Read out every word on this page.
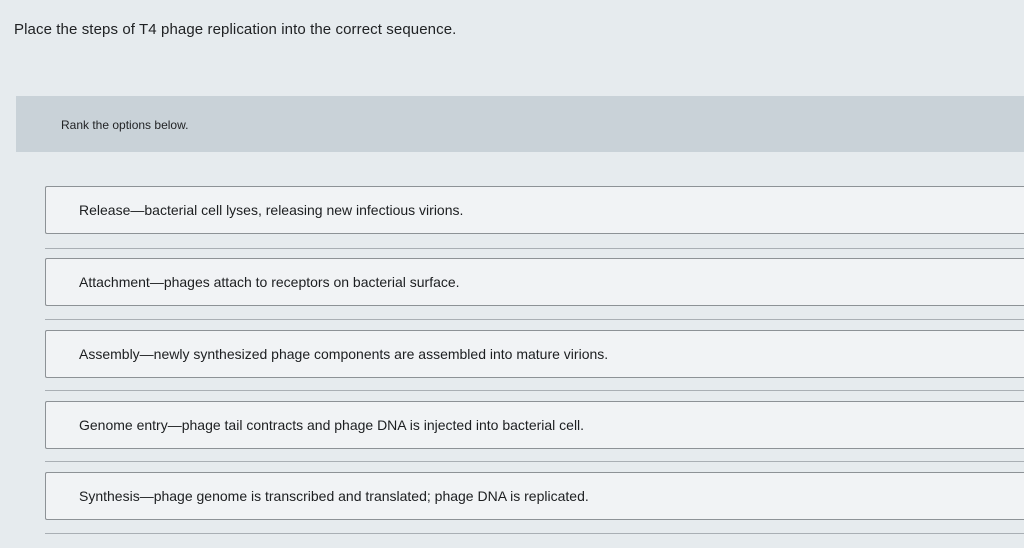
Place the steps of T4 phage replication into the correct sequence.
Rank the options below.
Release—bacterial cell lyses, releasing new infectious virions.
Attachment—phages attach to receptors on bacterial surface.
Assembly—newly synthesized phage components are assembled into mature virions.
Genome entry—phage tail contracts and phage DNA is injected into bacterial cell.
Synthesis—phage genome is transcribed and translated; phage DNA is replicated.
